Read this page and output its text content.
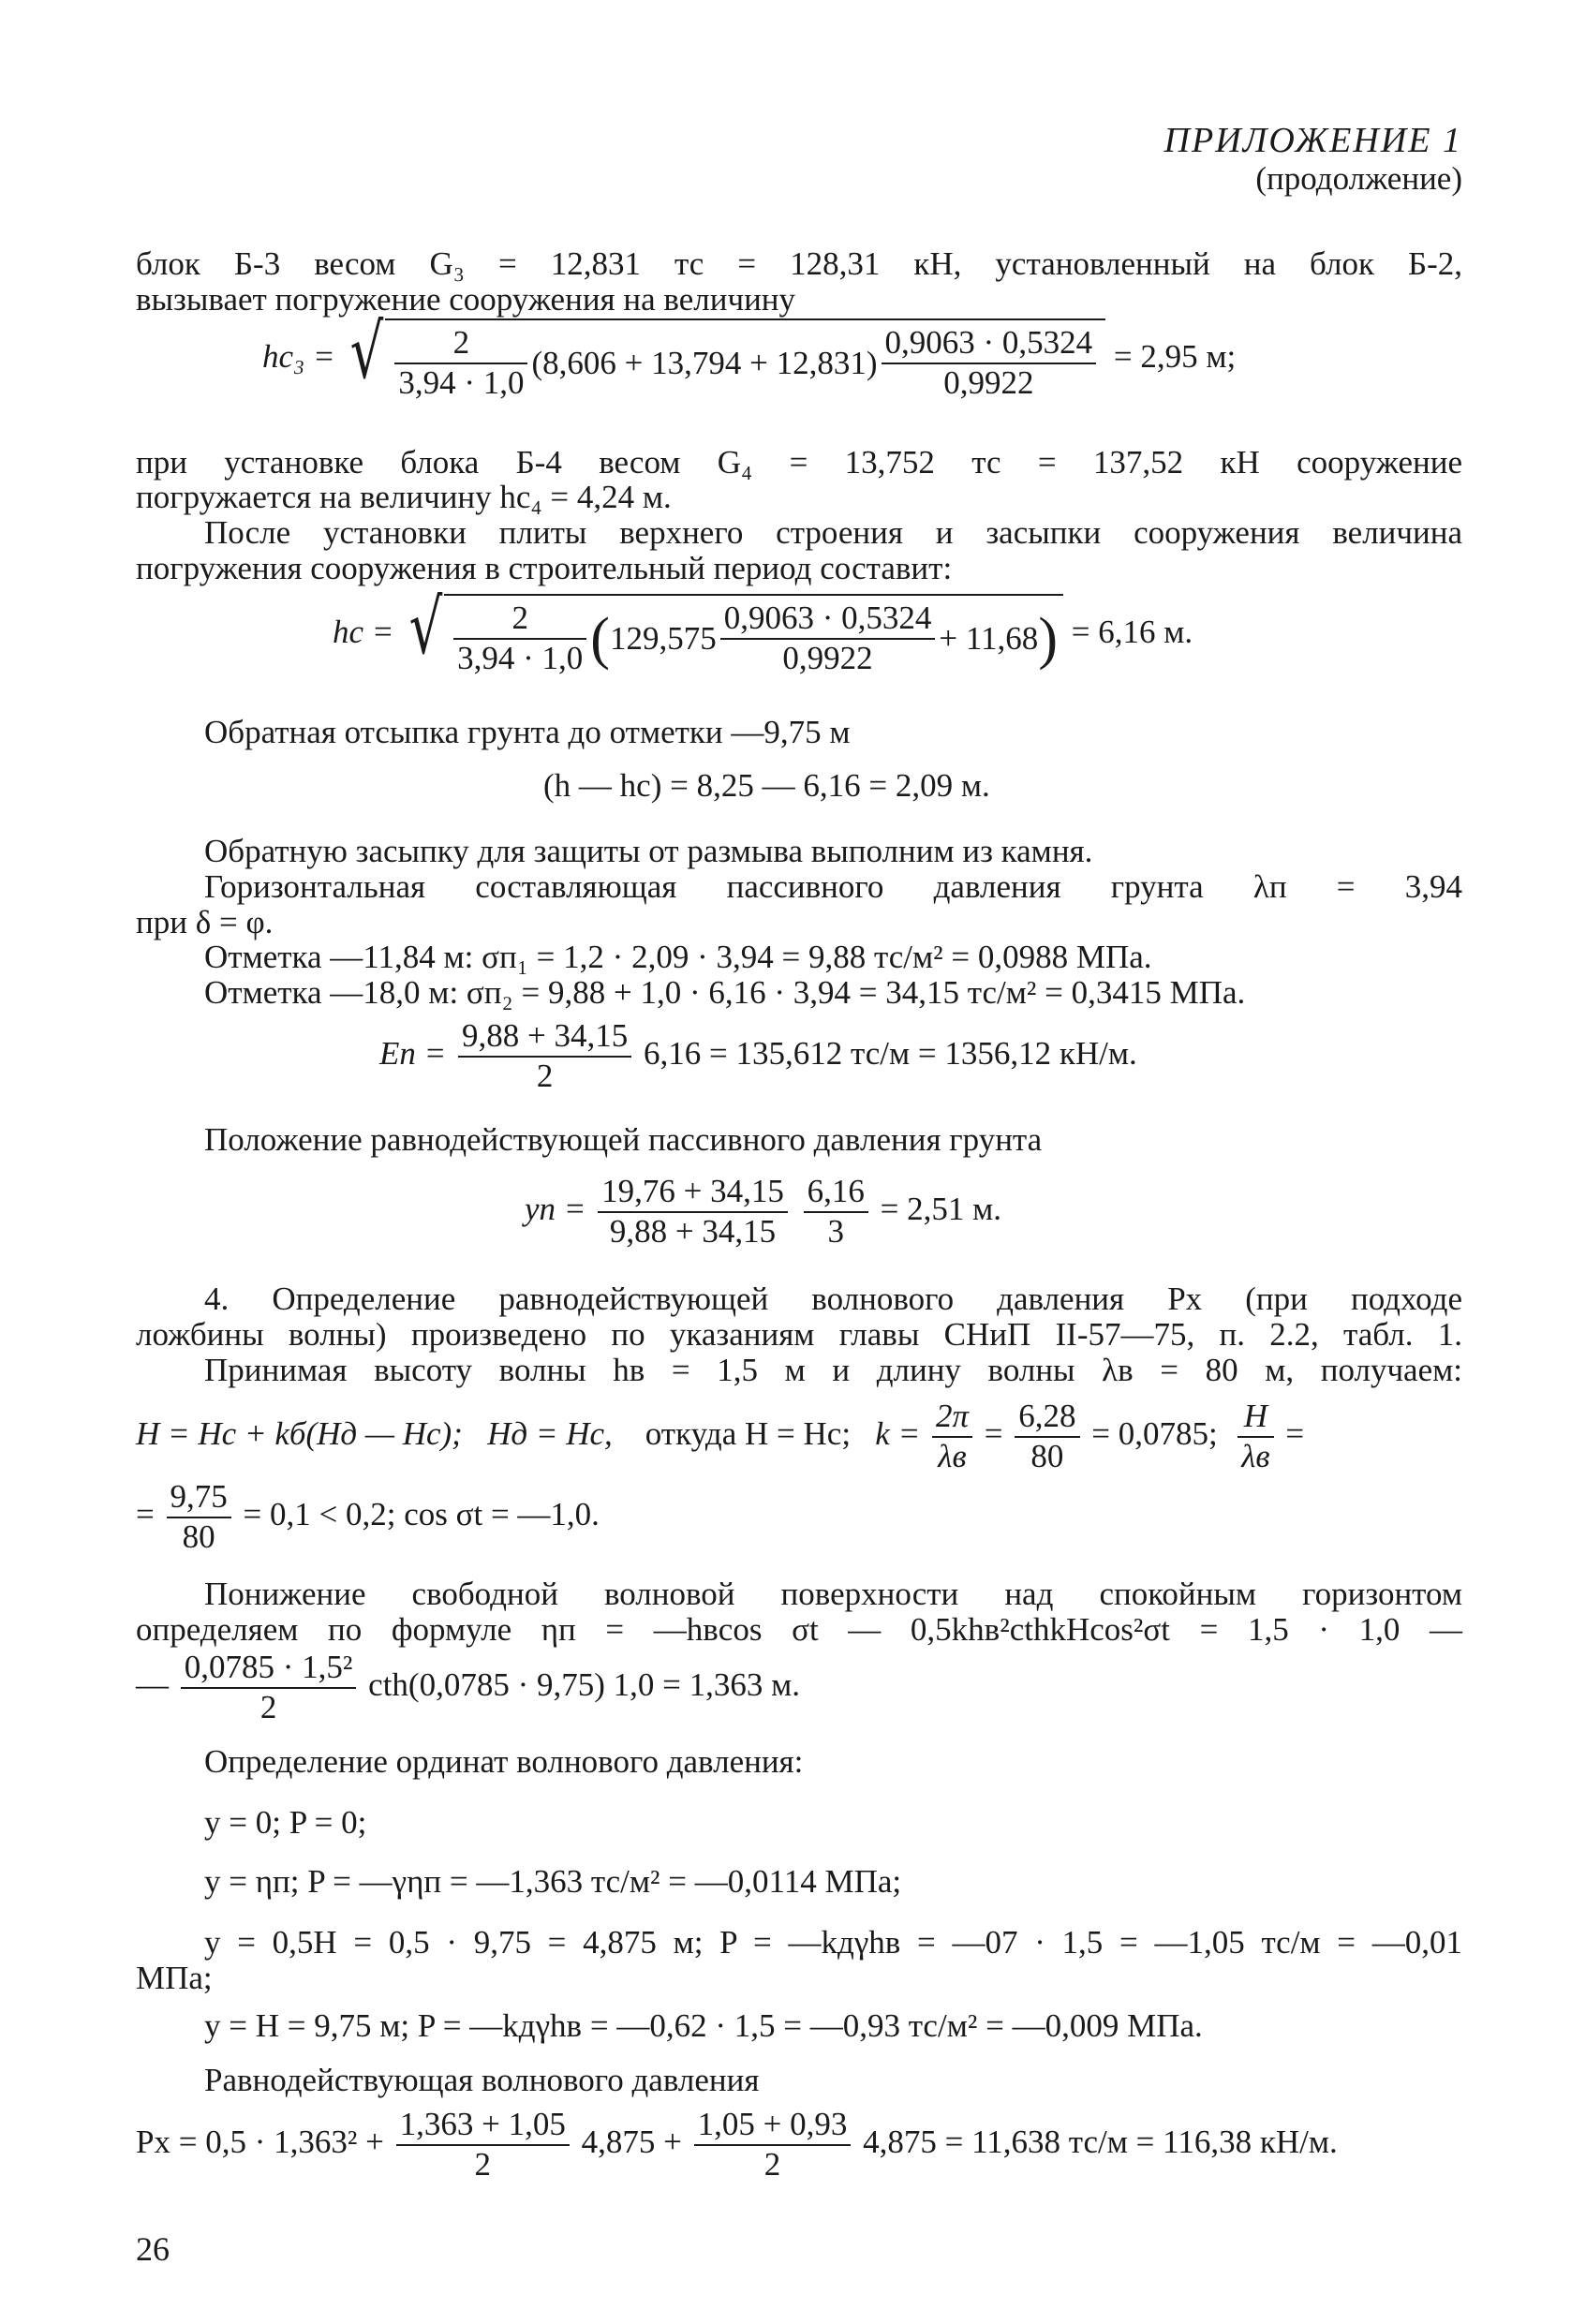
ПРИЛОЖЕНИЕ 1
(продолжение)
блок Б-3 весом G₃ = 12,831 тс = 128,31 кН, установленный на блок Б-2,
вызывает погружение сооружения на величину
hс₃ = √ $\frac{2}{3,94 \cdot 1,0} (8,606 + 13,794 + 12,831) \frac{0,9063 \cdot 0,5324}{0,9922} = 2,95$ м;
при установке блока Б-4 весом G₄ = 13,752 тс = 137,52 кН сооружение
погружается на величину hс₄ = 4,24 м.
После установки плиты верхнего строения и засыпки сооружения величина
погружения сооружения в строительный период составит:
hс = √ $\frac{2}{3,94 \cdot 1,0}$ ( $129,575 \frac{0,9063 \cdot 0,5324}{0,9922} + 11,68$ ) = 6,16 м.
Обратная отсыпка грунта до отметки —9,75 м
(h — hс) = 8,25 — 6,16 = 2,09 м.
Обратную засыпку для защиты от размыва выполним из камня.
Горизонтальная составляющая пассивного давления грунта λп = 3,94
при δ = φ.
Отметка —11,84 м: σп₁ = 1,2 · 2,09 · 3,94 = 9,88 тс/м² = 0,0988 МПа.
Отметка —18,0 м: σп₂ = 9,88 + 1,0 · 6,16 · 3,94 = 34,15 тс/м² = 0,3415 МПа.
Eп = $\frac{9,88 + 34,15}{2} 6,16 = 135,612$ тс/м = 1356,12 кН/м.
Положение равнодействующей пассивного давления грунта
yп = $\frac{19,76 + 34,15}{9,88 + 34,15}$
$\frac{6,16}{3} = 2,51$ м.
4. Определение равнодействующей волнового давления Px (при подходе
ложбины волны) произведено по указаниям главы СНиП II-57—75, п. 2.2, табл. 1.
Принимая высоту волны hв = 1,5 м и длину волны λв = 80 м, получаем:
H = Hс + kб(Hд — Hс); Hд = Hс, откуда H = Hс; $k = \frac{2\pi}{\lambda в} = \frac{6,28}{80} = 0,0785$; $\frac{H}{\lambda в}$ =
= $\frac{9,75}{80} = 0,1 < 0,2$; cos σt = —1,0.
Понижение свободной волновой поверхности над спокойным горизонтом
определяем по формуле ηп = —hвcos σt — 0,5khв²cthkHcos²σt = 1,5 · 1,0 —
— $\frac{\text{0,0785 · 1,5²}}{2} cth(0,0785 \cdot 9,75) 1,0 = 1,363$ м.
Определение ординат волнового давления:
y = 0; P = 0;
y = ηп; P = —γηп = —1,363 тс/м² = —0,0114 МПа;
y = 0,5H = 0,5 · 9,75 = 4,875 м; P = —kдγhв = —07 · 1,5 = —1,05 тс/м = —0,01
МПа;
y = H = 9,75 м; P = —kдγhв = —0,62 · 1,5 = —0,93 тс/м² = —0,009 МПа.
Равнодействующая волнового давления
$Px = 0,5 \cdot 1,363^2 + \frac{1,363 + 1,05}{2} 4,875 + \frac{1,05 + 0,93}{2} 4,875 = 11,638$ тс/м = 116,38 кН/м.
26
